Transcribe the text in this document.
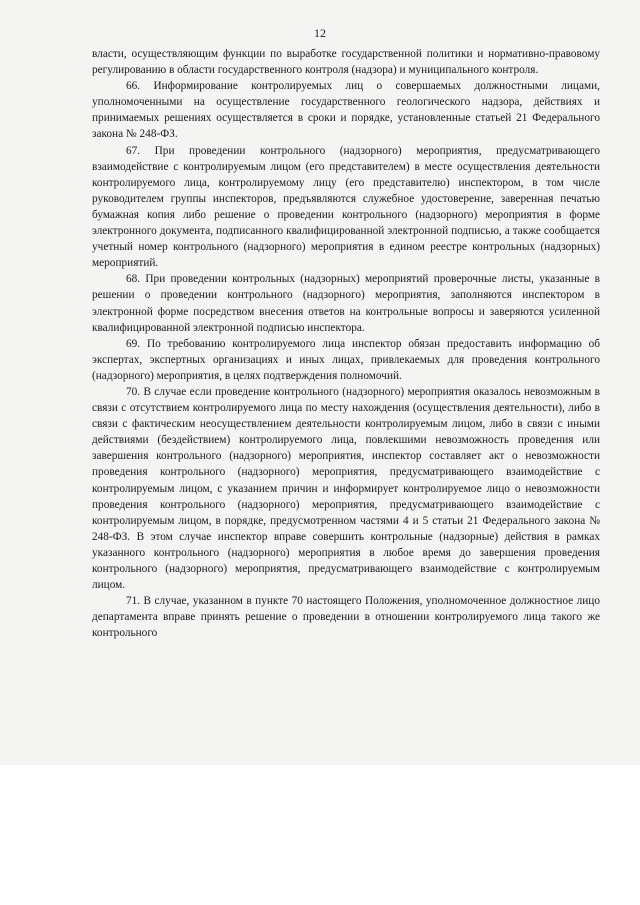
12

власти, осуществляющим функции по выработке государственной политики и нормативно-правовому регулированию в области государственного контроля (надзора) и муниципального контроля.

66. Информирование контролируемых лиц о совершаемых должностными лицами, уполномоченными на осуществление государственного геологического надзора, действиях и принимаемых решениях осуществляется в сроки и порядке, установленные статьей 21 Федерального закона № 248-ФЗ.

67. При проведении контрольного (надзорного) мероприятия, предусматривающего взаимодействие с контролируемым лицом (его представителем) в месте осуществления деятельности контролируемого лица, контролируемому лицу (его представителю) инспектором, в том числе руководителем группы инспекторов, предъявляются служебное удостоверение, заверенная печатью бумажная копия либо решение о проведении контрольного (надзорного) мероприятия в форме электронного документа, подписанного квалифицированной электронной подписью, а также сообщается учетный номер контрольного (надзорного) мероприятия в едином реестре контрольных (надзорных) мероприятий.

68. При проведении контрольных (надзорных) мероприятий проверочные листы, указанные в решении о проведении контрольного (надзорного) мероприятия, заполняются инспектором в электронной форме посредством внесения ответов на контрольные вопросы и заверяются усиленной квалифицированной электронной подписью инспектора.

69. По требованию контролируемого лица инспектор обязан предоставить информацию об экспертах, экспертных организациях и иных лицах, привлекаемых для проведения контрольного (надзорного) мероприятия, в целях подтверждения полномочий.

70. В случае если проведение контрольного (надзорного) мероприятия оказалось невозможным в связи с отсутствием контролируемого лица по месту нахождения (осуществления деятельности), либо в связи с фактическим неосуществлением деятельности контролируемым лицом, либо в связи с иными действиями (бездействием) контролируемого лица, повлекшими невозможность проведения или завершения контрольного (надзорного) мероприятия, инспектор составляет акт о невозможности проведения контрольного (надзорного) мероприятия, предусматривающего взаимодействие с контролируемым лицом, с указанием причин и информирует контролируемое лицо о невозможности проведения контрольного (надзорного) мероприятия, предусматривающего взаимодействие с контролируемым лицом, в порядке, предусмотренном частями 4 и 5 статьи 21 Федерального закона № 248-ФЗ. В этом случае инспектор вправе совершить контрольные (надзорные) действия в рамках указанного контрольного (надзорного) мероприятия в любое время до завершения проведения контрольного (надзорного) мероприятия, предусматривающего взаимодействие с контролируемым лицом.

71. В случае, указанном в пункте 70 настоящего Положения, уполномоченное должностное лицо департамента вправе принять решение о проведении в отношении контролируемого лица такого же контрольного
